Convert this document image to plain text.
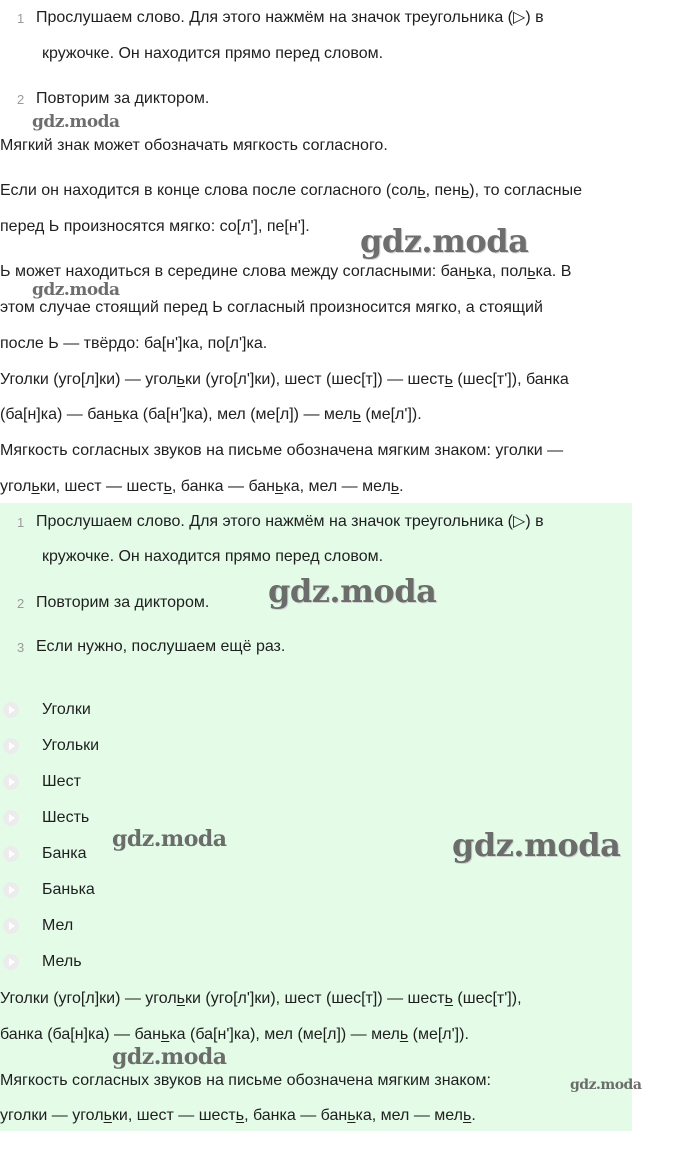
1 Прослушаем слово. Для этого нажмём на значок треугольника (▷) в
кружочке. Он находится прямо перед словом.
2 Повторим за диктором.
Мягкий знак может обозначать мягкость согласного.
Если он находится в конце слова после согласного (соль, пень), то согласные
перед Ь произносятся мягко: со[л'], пе[н'].
Ь может находиться в середине слова между согласными: банька, полька. В
этом случае стоящий перед Ь согласный произносится мягко, а стоящий
после Ь — твёрдо: ба[н']ка, по[л']ка.
Уголки (уго[л]ки) — угольки (уго[л']ки), шест (шес[т]) — шесть (шес[т']), банка
(ба[н]ка) — банька (ба[н']ка), мел (ме[л]) — мель (ме[л']).
Мягкость согласных звуков на письме обозначена мягким знаком: уголки —
угольки, шест — шесть, банка — банька, мел — мель.
1 Прослушаем слово. Для этого нажмём на значок треугольника (▷) в
кружочке. Он находится прямо перед словом.
2 Повторим за диктором.
3 Если нужно, послушаем ещё раз.
Уголки
Угольки
Шест
Шесть
Банка
Банька
Мел
Мель
Уголки (уго[л]ки) — угольки (уго[л']ки), шест (шес[т]) — шесть (шес[т']),
банка (ба[н]ка) — банька (ба[н']ка), мел (ме[л]) — мель (ме[л']).
Мягкость согласных звуков на письме обозначена мягким знаком:
уголки — угольки, шест — шесть, банка — банька, мел — мель.
gdz.moda
gdz.moda
gdz.moda
gdz.moda
gdz.moda	gdz.moda
gdz.moda
gdz.moda
